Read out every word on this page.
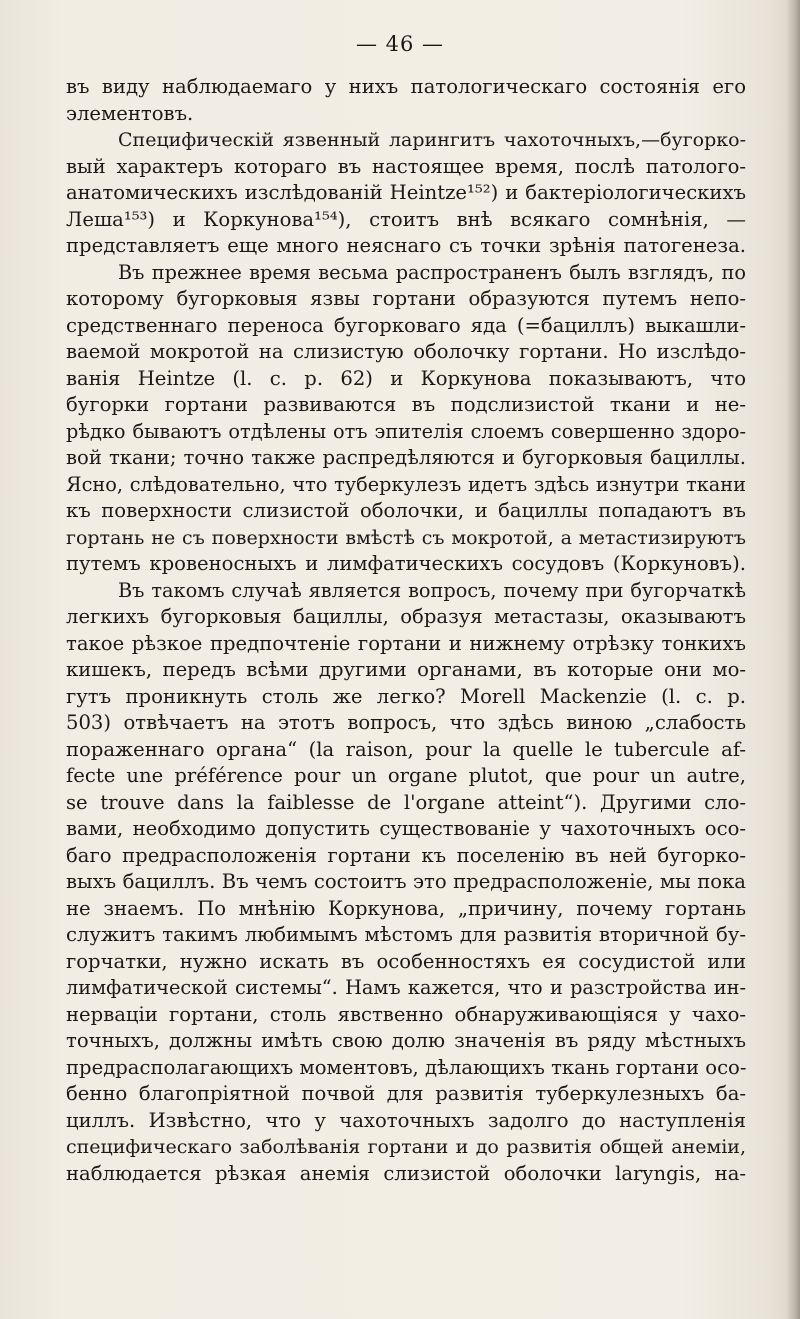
— 46 —
въ виду наблюдаемаго у нихъ патологическаго состоянія его
элементовъ.
Специфическій язвенный ларингитъ чахоточныхъ,—бугорко-
вый характеръ котораго въ настоящее время, послѣ патолого-
анатомическихъ изслѣдованій Heintze¹⁵²) и бактеріологическихъ
Леша¹⁵³) и Коркунова¹⁵⁴), стоитъ внѣ всякаго сомнѣнія, —
представляетъ еще много неяснаго съ точки зрѣнія патогенеза.
Въ прежнее время весьма распространенъ былъ взглядъ, по
которому бугорковыя язвы гортани образуются путемъ непо-
средственнаго переноса бугорковаго яда (=бациллъ) выкашли-
ваемой мокротой на слизистую оболочку гортани. Но изслѣдо-
ванія Heintze (l. c. p. 62) и Коркунова показываютъ, что
бугорки гортани развиваются въ подслизистой ткани и не-
рѣдко бываютъ отдѣлены отъ эпителія слоемъ совершенно здоро-
вой ткани; точно также распредѣляются и бугорковыя бациллы.
Ясно, слѣдовательно, что туберкулезъ идетъ здѣсь изнутри ткани
къ поверхности слизистой оболочки, и бациллы попадаютъ въ
гортань не съ поверхности вмѣстѣ съ мокротой, а метастизируютъ
путемъ кровеносныхъ и лимфатическихъ сосудовъ (Коркуновъ).
Въ такомъ случаѣ является вопросъ, почему при бугорчаткѣ
легкихъ бугорковыя бациллы, образуя метастазы, оказываютъ
такое рѣзкое предпочтеніе гортани и нижнему отрѣзку тонкихъ
кишекъ, передъ всѣми другими органами, въ которые они мо-
гутъ проникнуть столь же легко? Morell Mackenzie (l. c. p.
503) отвѣчаетъ на этотъ вопросъ, что здѣсь виною „слабость
пораженнаго органа“ (la raison, pour la quelle le tubercule af-
fecte une préférence pour un organe plutot, que pour un autre,
se trouve dans la faiblesse de l'organe atteint“). Другими сло-
вами, необходимо допустить существованіе у чахоточныхъ осо-
баго предрасположенія гортани къ поселенію въ ней бугорко-
выхъ бациллъ. Въ чемъ состоитъ это предрасположеніе, мы пока
не знаемъ. По мнѣнію Коркунова, „причину, почему гортань
служитъ такимъ любимымъ мѣстомъ для развитія вторичной бу-
горчатки, нужно искать въ особенностяхъ ея сосудистой или
лимфатической системы“. Намъ кажется, что и разстройства ин-
нерваціи гортани, столь явственно обнаруживающіяся у чахо-
точныхъ, должны имѣть свою долю значенія въ ряду мѣстныхъ
предрасполагающихъ моментовъ, дѣлающихъ ткань гортани осо-
бенно благопріятной почвой для развитія туберкулезныхъ ба-
циллъ. Извѣстно, что у чахоточныхъ задолго до наступленія
специфическаго заболѣванія гортани и до развитія общей анеміи,
наблюдается рѣзкая анемія слизистой оболочки laryngis, на-
